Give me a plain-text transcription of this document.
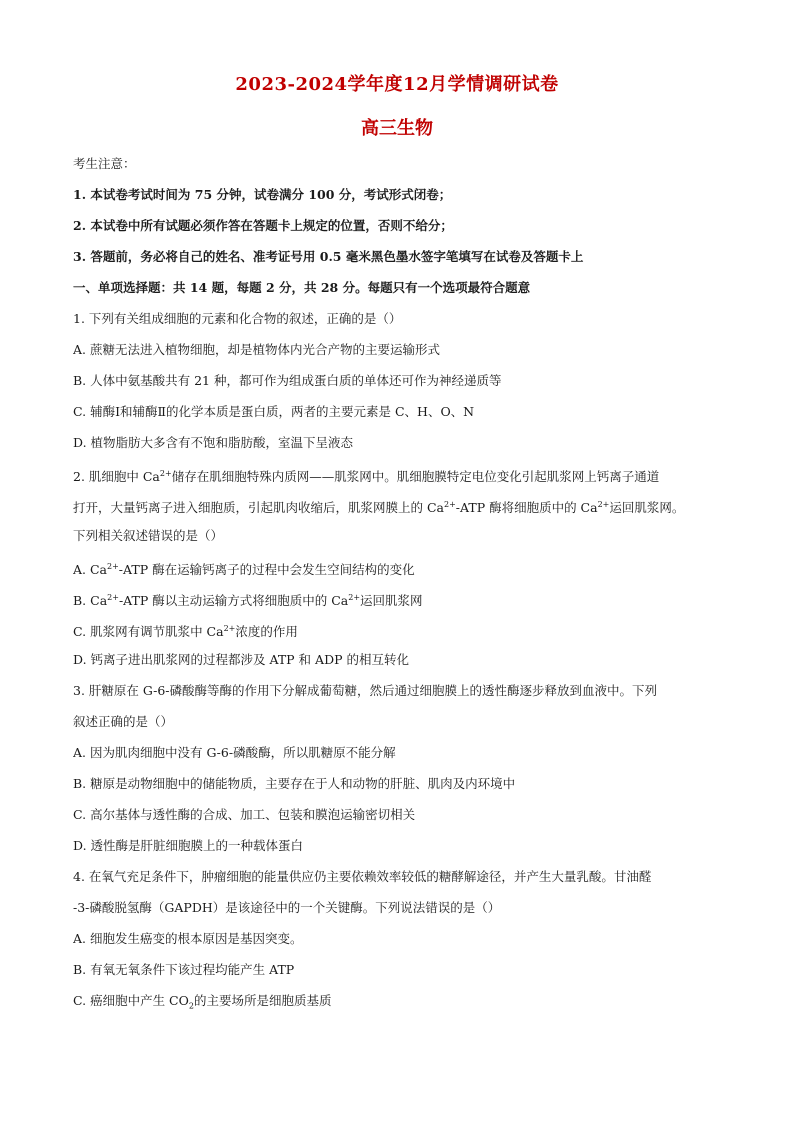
2023-2024学年度12月学情调研试卷
高三生物
考生注意：
1. 本试卷考试时间为 75 分钟，试卷满分 100 分，考试形式闭卷；
2. 本试卷中所有试题必须作答在答题卡上规定的位置，否则不给分；
3. 答题前，务必将自己的姓名、准考证号用 0.5 毫米黑色墨水签字笔填写在试卷及答题卡上
一、单项选择题：共 14 题，每题 2 分，共 28 分。每题只有一个选项最符合题意
1. 下列有关组成细胞的元素和化合物的叙述，正确的是（）
A. 蔗糖无法进入植物细胞，却是植物体内光合产物的主要运输形式
B. 人体中氨基酸共有 21 种，都可作为组成蛋白质的单体还可作为神经递质等
C. 辅酶Ⅰ和辅酶Ⅱ的化学本质是蛋白质，两者的主要元素是 C、H、O、N
D. 植物脂肪大多含有不饱和脂肪酸，室温下呈液态
2. 肌细胞中 $Ca^{2+}$储存在肌细胞特殊内质网——肌浆网中。肌细胞膜特定电位变化引起肌浆网上钙离子通道
打开，大量钙离子进入细胞质，引起肌肉收缩后，肌浆网膜上的 $Ca^{2+}$-ATP 酶将细胞质中的 $Ca^{2+}$运回肌浆网。
下列相关叙述错误的是（）
A. $Ca^{2+}$-ATP 酶在运输钙离子的过程中会发生空间结构的变化
B. $Ca^{2+}$-ATP 酶以主动运输方式将细胞质中的 $Ca^{2+}$运回肌浆网
C. 肌浆网有调节肌浆中 $Ca^{2+}$浓度的作用
D. 钙离子进出肌浆网的过程都涉及 ATP 和 ADP 的相互转化
3. 肝糖原在 G-6-磷酸酶等酶的作用下分解成葡萄糖，然后通过细胞膜上的透性酶逐步释放到血液中。下列
叙述正确的是（）
A. 因为肌肉细胞中没有 G-6-磷酸酶，所以肌糖原不能分解
B. 糖原是动物细胞中的储能物质，主要存在于人和动物的肝脏、肌肉及内环境中
C. 高尔基体与透性酶的合成、加工、包装和膜泡运输密切相关
D. 透性酶是肝脏细胞膜上的一种载体蛋白
4. 在氧气充足条件下，肿瘤细胞的能量供应仍主要依赖效率较低的糖酵解途径，并产生大量乳酸。甘油醛
-3-磷酸脱氢酶（GAPDH）是该途径中的一个关键酶。下列说法错误的是（）
A. 细胞发生癌变的根本原因是基因突变。
B. 有氧无氧条件下该过程均能产生 ATP
C. 癌细胞中产生 $CO_2$的主要场所是细胞质基质
